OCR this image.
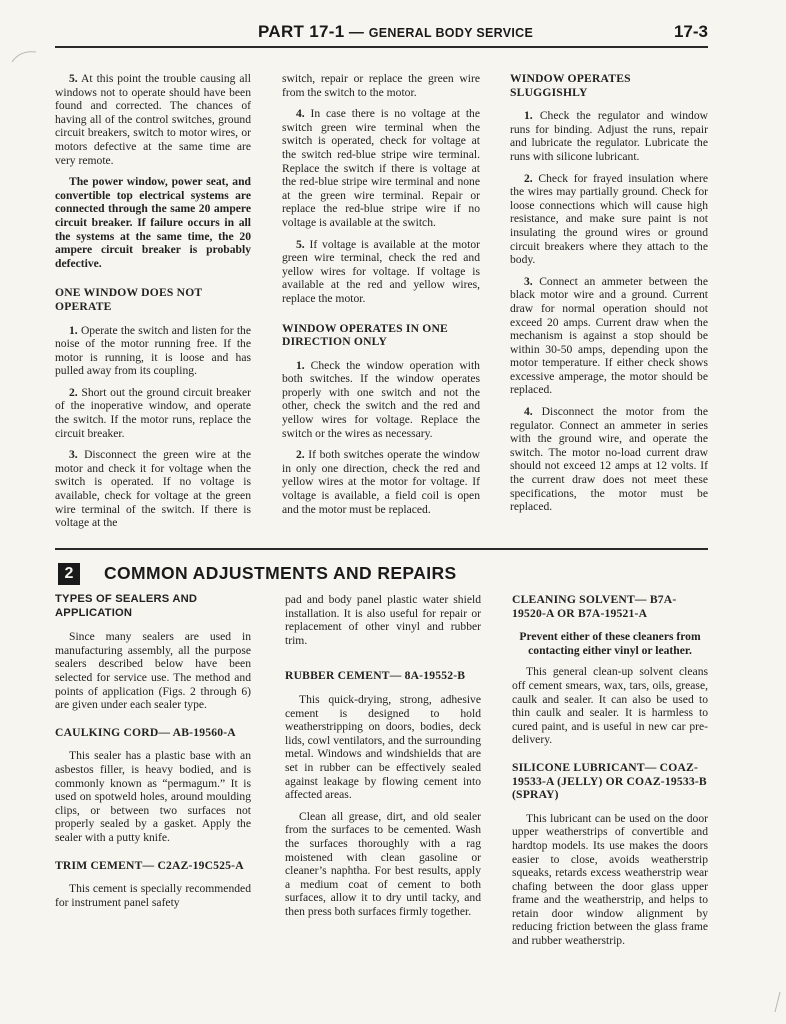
PART 17-1 — GENERAL BODY SERVICE	17-3

5. At this point the trouble causing all windows not to operate should have been found and corrected. The chances of having all of the control switches, ground circuit breakers, switch to motor wires, or motors defective at the same time are very remote.

The power window, power seat, and convertible top electrical systems are connected through the same 20 ampere circuit breaker. If failure occurs in all the systems at the same time, the 20 ampere circuit breaker is probably defective.

ONE WINDOW DOES NOT OPERATE

1. Operate the switch and listen for the noise of the motor running free. If the motor is running, it is loose and has pulled away from its coupling.

2. Short out the ground circuit breaker of the inoperative window, and operate the switch. If the motor runs, replace the circuit breaker.

3. Disconnect the green wire at the motor and check it for voltage when the switch is operated. If no voltage is available, check for voltage at the green wire terminal of the switch. If there is voltage at the

switch, repair or replace the green wire from the switch to the motor.

4. In case there is no voltage at the switch green wire terminal when the switch is operated, check for voltage at the switch red-blue stripe wire terminal. Replace the switch if there is voltage at the red-blue stripe wire terminal and none at the green wire terminal. Repair or replace the red-blue stripe wire if no voltage is available at the switch.

5. If voltage is available at the motor green wire terminal, check the red and yellow wires for voltage. If voltage is available at the red and yellow wires, replace the motor.

WINDOW OPERATES IN ONE DIRECTION ONLY

1. Check the window operation with both switches. If the window operates properly with one switch and not the other, check the switch and the red and yellow wires for voltage. Replace the switch or the wires as necessary.

2. If both switches operate the window in only one direction, check the red and yellow wires at the motor for voltage. If voltage is available, a field coil is open and the motor must be replaced.

WINDOW OPERATES SLUGGISHLY

1. Check the regulator and window runs for binding. Adjust the runs, repair and lubricate the regulator. Lubricate the runs with silicone lubricant.

2. Check for frayed insulation where the wires may partially ground. Check for loose connections which will cause high resistance, and make sure paint is not insulating the ground wires or ground circuit breakers where they attach to the body.

3. Connect an ammeter between the black motor wire and a ground. Current draw for normal operation should not exceed 20 amps. Current draw when the mechanism is against a stop should be within 30-50 amps, depending upon the motor temperature. If either check shows excessive amperage, the motor should be replaced.

4. Disconnect the motor from the regulator. Connect an ammeter in series with the ground wire, and operate the switch. The motor no-load current draw should not exceed 12 amps at 12 volts. If the current draw does not meet these specifications, the motor must be replaced.

2	COMMON ADJUSTMENTS AND REPAIRS
TYPES OF SEALERS AND APPLICATION

Since many sealers are used in manufacturing assembly, all the purpose sealers described below have been selected for service use. The method and points of application (Figs. 2 through 6) are given under each sealer type.

CAULKING CORD— AB-19560-A

This sealer has a plastic base with an asbestos filler, is heavy bodied, and is commonly known as “permagum.” It is used on spotweld holes, around moulding clips, or between two surfaces not properly sealed by a gasket. Apply the sealer with a putty knife.

TRIM CEMENT— C2AZ-19C525-A

This cement is specially recommended for instrument panel safety

pad and body panel plastic water shield installation. It is also useful for repair or replacement of other vinyl and rubber trim.

RUBBER CEMENT— 8A-19552-B

This quick-drying, strong, adhesive cement is designed to hold weatherstripping on doors, bodies, deck lids, cowl ventilators, and the surrounding metal. Windows and windshields that are set in rubber can be effectively sealed against leakage by flowing cement into affected areas.

Clean all grease, dirt, and old sealer from the surfaces to be cemented. Wash the surfaces thoroughly with a rag moistened with clean gasoline or cleaner’s naphtha. For best results, apply a medium coat of cement to both surfaces, allow it to dry until tacky, and then press both surfaces firmly together.

CLEANING SOLVENT— B7A-19520-A OR B7A-19521-A

Prevent either of these cleaners from contacting either vinyl or leather.

This general clean-up solvent cleans off cement smears, wax, tars, oils, grease, caulk and sealer. It can also be used to thin caulk and sealer. It is harmless to cured paint, and is useful in new car pre-delivery.

SILICONE LUBRICANT— COAZ-19533-A (JELLY) OR COAZ-19533-B (SPRAY)

This lubricant can be used on the door upper weatherstrips of convertible and hardtop models. Its use makes the doors easier to close, avoids weatherstrip squeaks, retards excess weatherstrip wear chafing between the door glass upper frame and the weatherstrip, and helps to retain door window alignment by reducing friction between the glass frame and rubber weatherstrip.
